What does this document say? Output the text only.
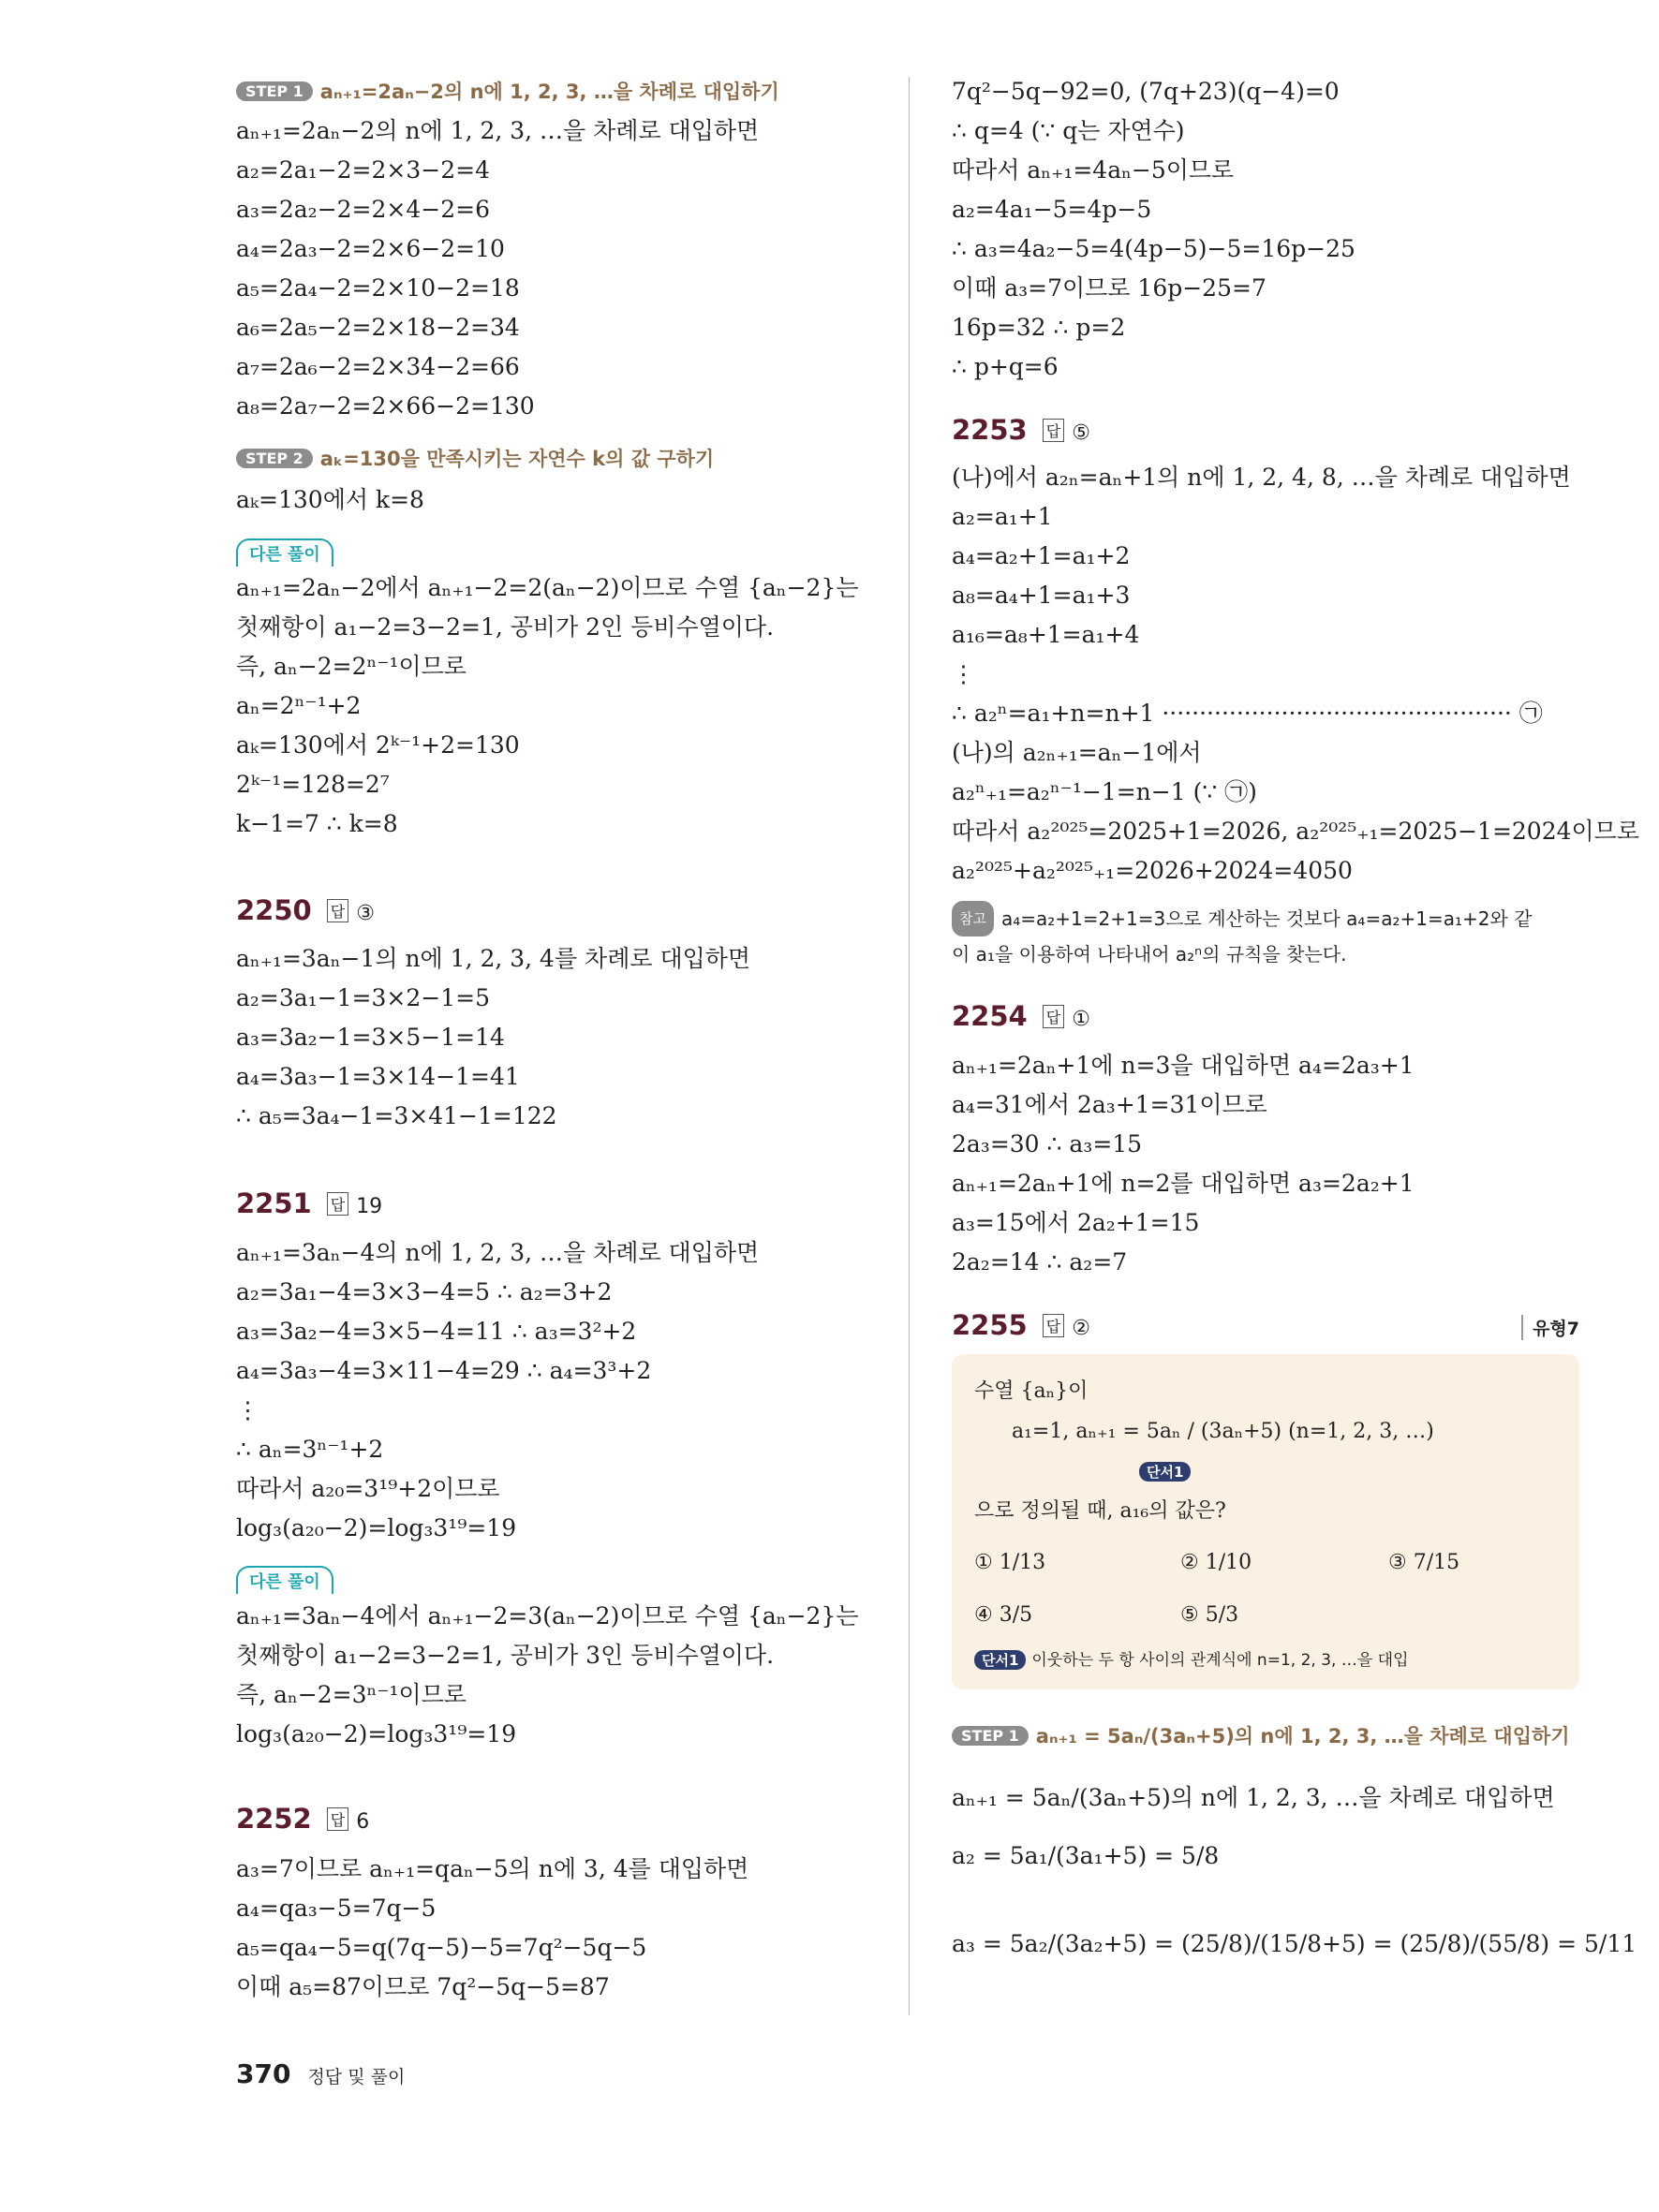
STEP 1 aₙ₊₁=2aₙ−2의 n에 1, 2, 3, …을 차례로 대입하기
aₙ₊₁=2aₙ−2의 n에 1, 2, 3, …을 차례로 대입하면
a₂=2a₁−2=2×3−2=4
a₃=2a₂−2=2×4−2=6
a₄=2a₃−2=2×6−2=10
a₅=2a₄−2=2×10−2=18
a₆=2a₅−2=2×18−2=34
a₇=2a₆−2=2×34−2=66
a₈=2a₇−2=2×66−2=130
STEP 2 aₖ=130을 만족시키는 자연수 k의 값 구하기
aₖ=130에서 k=8
다른 풀이
aₙ₊₁=2aₙ−2에서 aₙ₊₁−2=2(aₙ−2)이므로 수열 {aₙ−2}는
첫째항이 a₁−2=3−2=1, 공비가 2인 등비수열이다.
즉, aₙ−2=2ⁿ⁻¹이므로
aₙ=2ⁿ⁻¹+2
aₖ=130에서 2ᵏ⁻¹+2=130
2ᵏ⁻¹=128=2⁷
k−1=7 ∴ k=8
2250 답 ③
aₙ₊₁=3aₙ−1의 n에 1, 2, 3, 4를 차례로 대입하면
a₂=3a₁−1=3×2−1=5
a₃=3a₂−1=3×5−1=14
a₄=3a₃−1=3×14−1=41
∴ a₅=3a₄−1=3×41−1=122
2251 답 19
aₙ₊₁=3aₙ−4의 n에 1, 2, 3, …을 차례로 대입하면
a₂=3a₁−4=3×3−4=5 ∴ a₂=3+2
a₃=3a₂−4=3×5−4=11 ∴ a₃=3²+2
a₄=3a₃−4=3×11−4=29 ∴ a₄=3³+2
⋮
∴ aₙ=3ⁿ⁻¹+2
따라서 a₂₀=3¹⁹+2이므로
log₃(a₂₀−2)=log₃3¹⁹=19
다른 풀이
aₙ₊₁=3aₙ−4에서 aₙ₊₁−2=3(aₙ−2)이므로 수열 {aₙ−2}는
첫째항이 a₁−2=3−2=1, 공비가 3인 등비수열이다.
즉, aₙ−2=3ⁿ⁻¹이므로
log₃(a₂₀−2)=log₃3¹⁹=19
2252 답 6
a₃=7이므로 aₙ₊₁=qaₙ−5의 n에 3, 4를 대입하면
a₄=qa₃−5=7q−5
a₅=qa₄−5=q(7q−5)−5=7q²−5q−5
이때 a₅=87이므로 7q²−5q−5=87
7q²−5q−92=0, (7q+23)(q−4)=0
∴ q=4 (∵ q는 자연수)
따라서 aₙ₊₁=4aₙ−5이므로
a₂=4a₁−5=4p−5
∴ a₃=4a₂−5=4(4p−5)−5=16p−25
이때 a₃=7이므로 16p−25=7
16p=32 ∴ p=2
∴ p+q=6
2253 답 ⑤
(나)에서 a₂ₙ=aₙ+1의 n에 1, 2, 4, 8, …을 차례로 대입하면
a₂=a₁+1
a₄=a₂+1=a₁+2
a₈=a₄+1=a₁+3
a₁₆=a₈+1=a₁+4
⋮
∴ a₂ⁿ=a₁+n=n+1 ··············································· ㉠
(나)의 a₂ₙ₊₁=aₙ−1에서
a₂ⁿ₊₁=a₂ⁿ⁻¹−1=n−1 (∵ ㉠)
따라서 a₂²⁰²⁵=2025+1=2026, a₂²⁰²⁵₊₁=2025−1=2024이므로
a₂²⁰²⁵+a₂²⁰²⁵₊₁=2026+2024=4050
참고 a₄=a₂+1=2+1=3으로 계산하는 것보다 a₄=a₂+1=a₁+2와 같
이 a₁을 이용하여 나타내어 a₂ⁿ의 규칙을 찾는다.
2254 답 ①
aₙ₊₁=2aₙ+1에 n=3을 대입하면 a₄=2a₃+1
a₄=31에서 2a₃+1=31이므로
2a₃=30 ∴ a₃=15
aₙ₊₁=2aₙ+1에 n=2를 대입하면 a₃=2a₂+1
a₃=15에서 2a₂+1=15
2a₂=14 ∴ a₂=7
2255 답 ②	유형7
수열 {aₙ}이
a₁=1, aₙ₊₁ = 5aₙ / (3aₙ+5) (n=1, 2, 3, …)
단서1
으로 정의될 때, a₁₆의 값은?
① 1/13	② 1/10	③ 7/15
④ 3/5	⑤ 5/3
단서1 이웃하는 두 항 사이의 관계식에 n=1, 2, 3, …을 대입
STEP 1 aₙ₊₁ = 5aₙ/(3aₙ+5)의 n에 1, 2, 3, …을 차례로 대입하기
aₙ₊₁ = 5aₙ/(3aₙ+5)의 n에 1, 2, 3, …을 차례로 대입하면
a₂ = 5a₁/(3a₁+5) = 5/8
a₃ = 5a₂/(3a₂+5) = (25/8)/(15/8+5) = (25/8)/(55/8) = 5/11
370 정답 및 풀이
